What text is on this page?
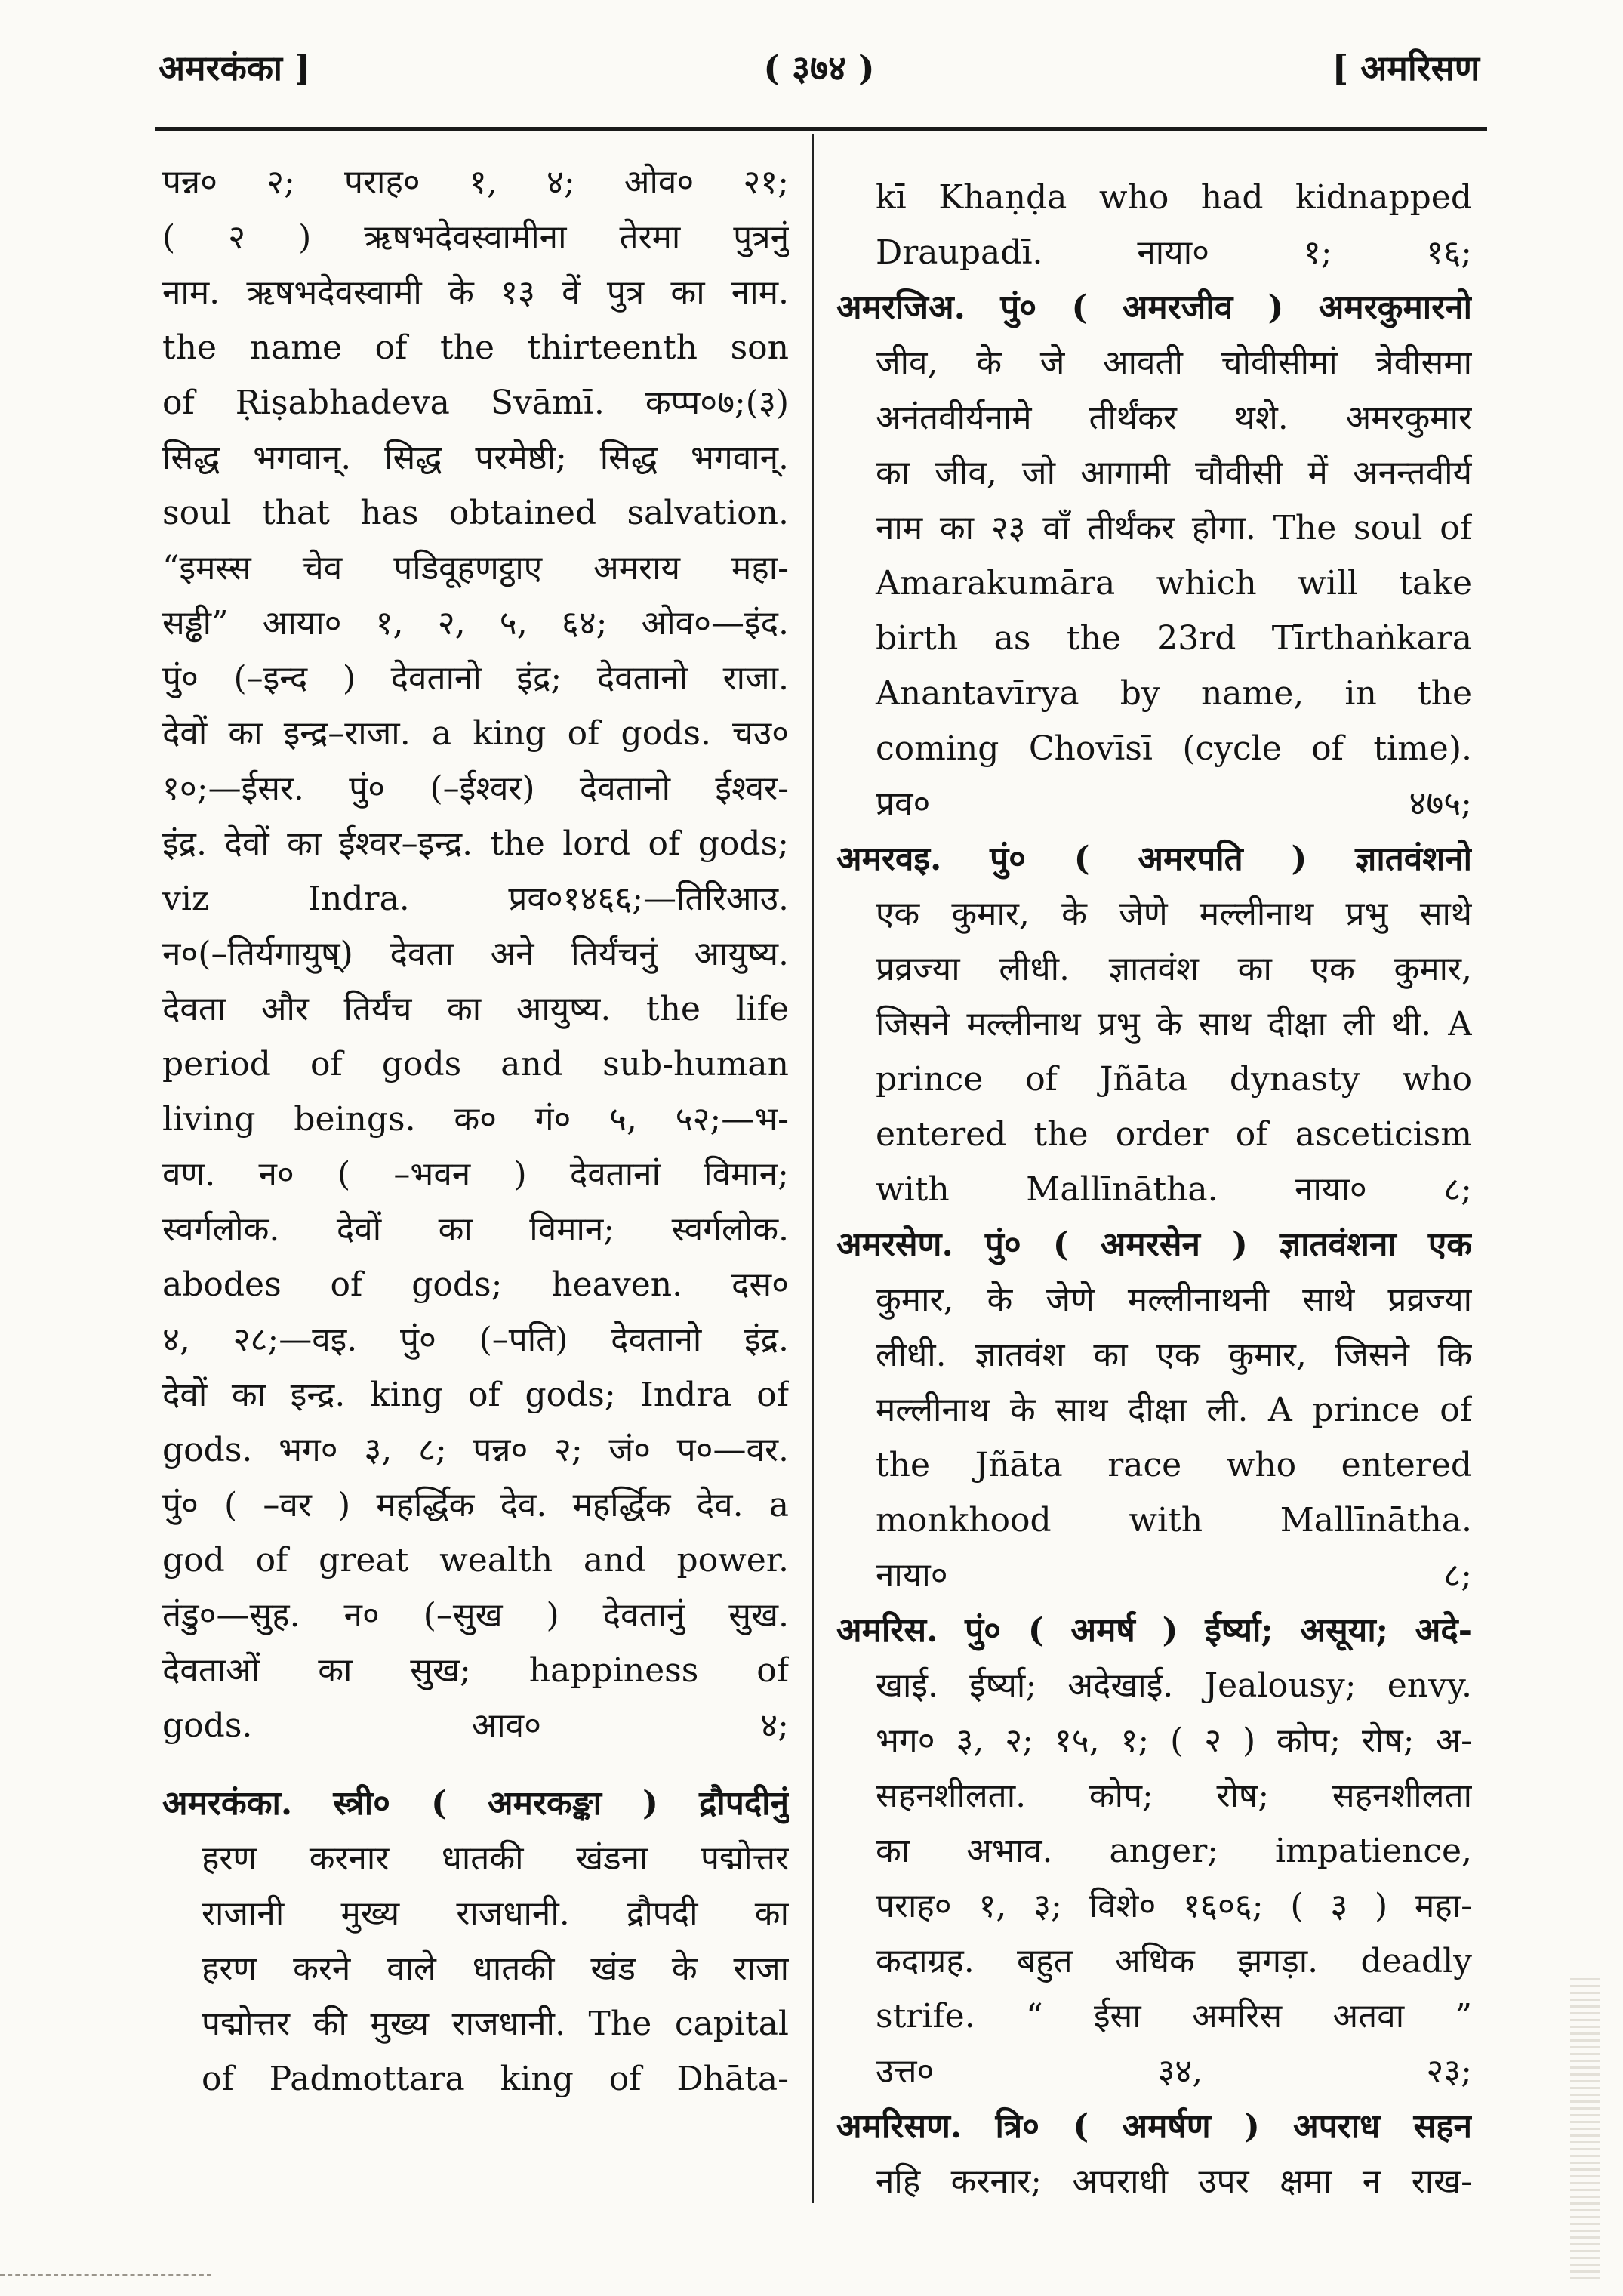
अमरकंका ]	( ३७४ )	[ अमरिसण
पन्न० २; पराह० १, ४; ओव० २१;
( २ ) ऋषभदेवस्वामीना तेरमा पुत्रनुं
नाम. ऋषभदेवस्वामी के १३ वें पुत्र का नाम.
the name of the thirteenth son
of Ṛiṣabhadeva Svāmī. कप्प०७;(३)
सिद्ध भगवान्. सिद्ध परमेष्ठी; सिद्ध भगवान्.
soul that has obtained salvation.
“इमस्स चेव पडिवूहणट्ठाए अमराय महा-
सड्ढी” आया० १, २, ५, ६४; ओव०—इंद.
पुं० (–इन्द ) देवतानो इंद्र; देवतानो राजा.
देवों का इन्द्र–राजा. a king of gods. चउ०
१०;—ईसर. पुं० (–ईश्वर) देवतानो ईश्वर-
इंद्र. देवों का ईश्वर–इन्द्र. the lord of gods;
viz Indra. प्रव०१४६६;—तिरिआउ.
न०(–तिर्यगायुष्) देवता अने तिर्यंचनुं आयुष्य.
देवता और तिर्यंच का आयुष्य. the life
period of gods and sub-human
living beings. क० गं० ५, ५२;—भ-
वण. न० ( –भवन ) देवतानां विमान;
स्वर्गलोक. देवों का विमान; स्वर्गलोक.
abodes of gods; heaven. दस०
४, २८;—वइ. पुं० (–पति) देवतानो इंद्र.
देवों का इन्द्र. king of gods; Indra of
gods. भग० ३, ८; पन्न० २; जं० प०—वर.
पुं० ( –वर ) महर्द्धिक देव. महर्द्धिक देव. a
god of great wealth and power.
तंडु०—सुह. न० (–सुख ) देवतानुं सुख.
देवताओं का सुख; happiness of
gods. आव० ४;
अमरकंका. स्त्री० ( अमरकङ्का ) द्रौपदीनुं
हरण करनार धातकी खंडना पद्मोत्तर
राजानी मुख्य राजधानी. द्रौपदी का
हरण करने वाले धातकी खंड के राजा
पद्मोत्तर की मुख्य राजधानी. The capital
of Padmottara king of Dhāta-
kī Khaṇḍa who had kidnapped
Draupadī. नाया० १; १६;
अमरजिअ. पुं० ( अमरजीव ) अमरकुमारनो
जीव, के जे आवती चोवीसीमां त्रेवीसमा
अनंतवीर्यनामे तीर्थंकर थशे. अमरकुमार
का जीव, जो आगामी चौवीसी में अनन्तवीर्य
नाम का २३ वाँ तीर्थंकर होगा. The soul of
Amarakumāra which will take
birth as the 23rd Tīrthaṅkara
Anantavīrya by name, in the
coming Chovīsī (cycle of time).
प्रव० ४७५;
अमरवइ. पुं० ( अमरपति ) ज्ञातवंशनो
एक कुमार, के जेणे मल्लीनाथ प्रभु साथे
प्रव्रज्या लीधी. ज्ञातवंश का एक कुमार,
जिसने मल्लीनाथ प्रभु के साथ दीक्षा ली थी. A
prince of Jñāta dynasty who
entered the order of asceticism
with Mallīnātha. नाया० ८;
अमरसेण. पुं० ( अमरसेन ) ज्ञातवंशना एक
कुमार, के जेणे मल्लीनाथनी साथे प्रव्रज्या
लीधी. ज्ञातवंश का एक कुमार, जिसने कि
मल्लीनाथ के साथ दीक्षा ली. A prince of
the Jñāta race who entered
monkhood with Mallīnātha.
नाया० ८;
अमरिस. पुं० ( अमर्ष ) ईर्ष्या; असूया; अदे-
खाई. ईर्ष्या; अदेखाई. Jealousy; envy.
भग० ३, २; १५, १; ( २ ) कोप; रोष; अ-
सहनशीलता. कोप; रोष; सहनशीलता
का अभाव. anger; impatience,
पराह० १, ३; विशे० १६०६; ( ३ ) महा-
कदाग्रह. बहुत अधिक झगड़ा. deadly
strife. “ ईसा अमरिस अतवा ”
उत्त० ३४, २३;
अमरिसण. त्रि० ( अमर्षण ) अपराध सहन
नहि करनार; अपराधी उपर क्षमा न राख-
